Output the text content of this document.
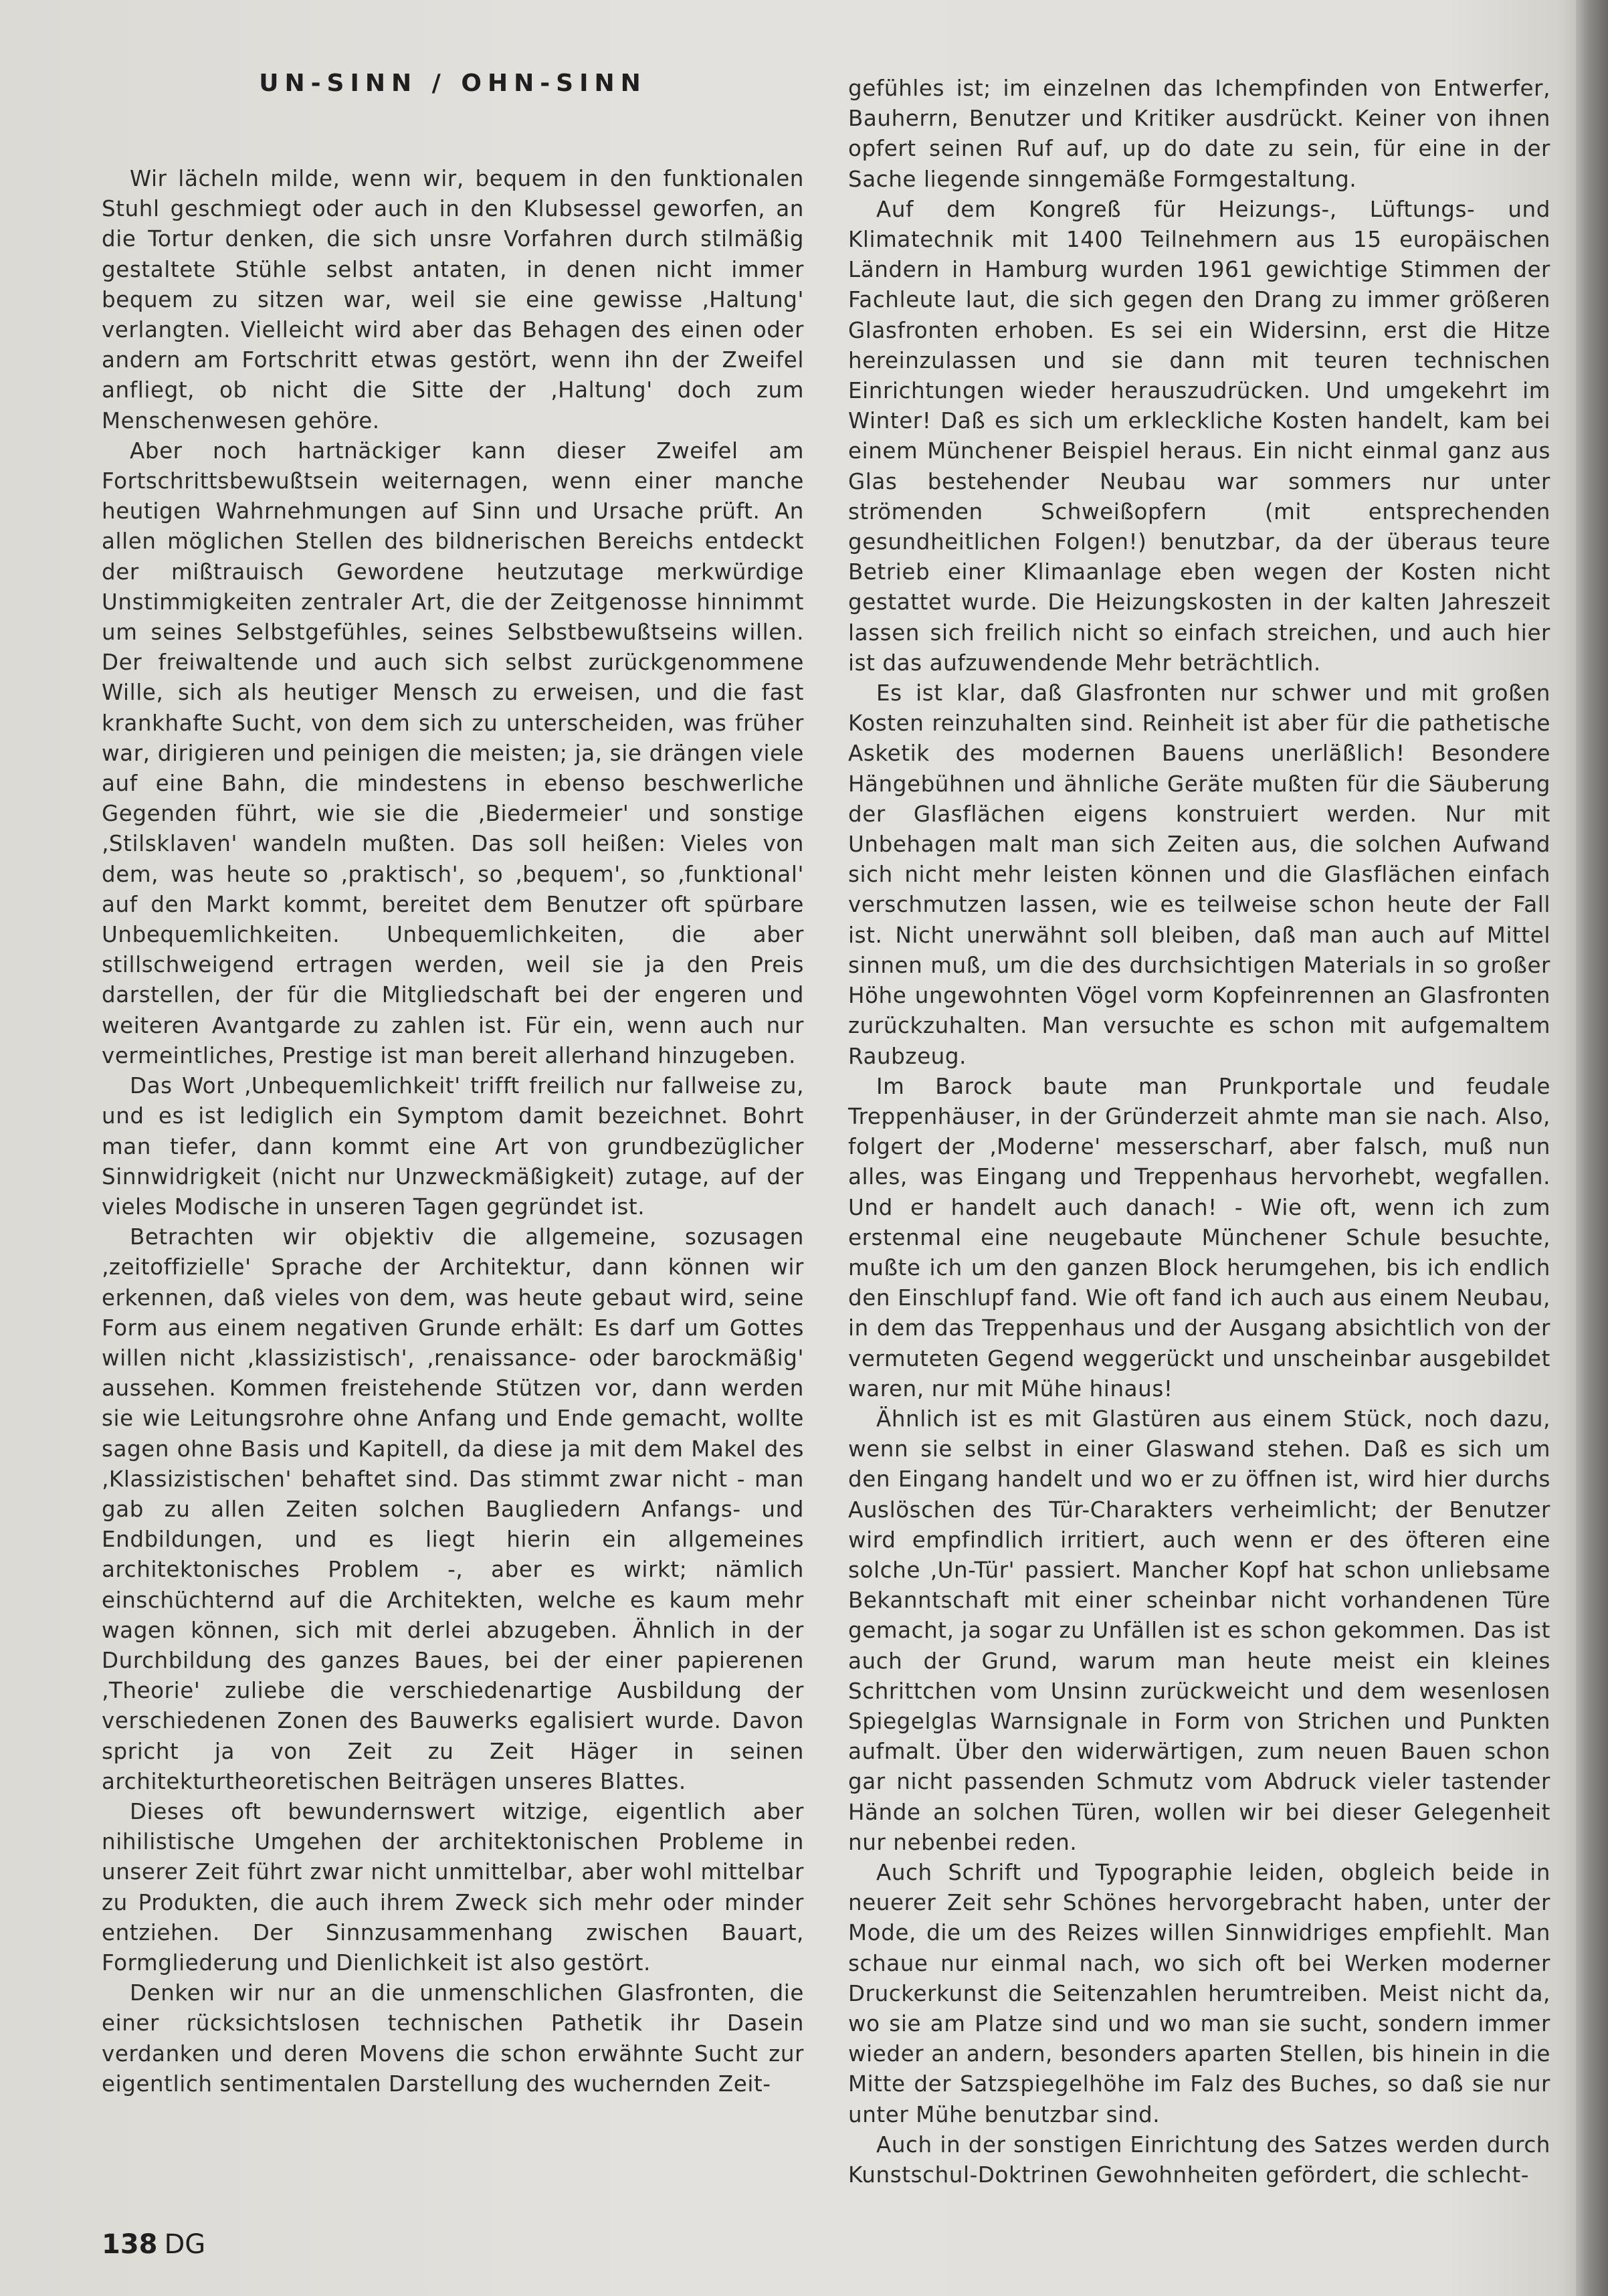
UN-SINN / OHN-SINN

Wir lächeln milde, wenn wir, bequem in den funktionalen Stuhl geschmiegt oder auch in den Klubsessel geworfen, an die Tortur denken, die sich unsre Vorfahren durch stilmäßig gestaltete Stühle selbst antaten, in denen nicht immer bequem zu sitzen war, weil sie eine gewisse ‚Haltung' verlangten. Vielleicht wird aber das Behagen des einen oder andern am Fortschritt etwas gestört, wenn ihn der Zweifel anfliegt, ob nicht die Sitte der ‚Haltung' doch zum Menschenwesen gehöre.

Aber noch hartnäckiger kann dieser Zweifel am Fortschrittsbewußtsein weiternagen, wenn einer manche heutigen Wahrnehmungen auf Sinn und Ursache prüft. An allen möglichen Stellen des bildnerischen Bereichs entdeckt der mißtrauisch Gewordene heutzutage merkwürdige Unstimmigkeiten zentraler Art, die der Zeitgenosse hinnimmt um seines Selbstgefühles, seines Selbstbewußtseins willen. Der freiwaltende und auch sich selbst zurückgenommene Wille, sich als heutiger Mensch zu erweisen, und die fast krankhafte Sucht, von dem sich zu unterscheiden, was früher war, dirigieren und peinigen die meisten; ja, sie drängen viele auf eine Bahn, die mindestens in ebenso beschwerliche Gegenden führt, wie sie die ‚Biedermeier' und sonstige ‚Stilsklaven' wandeln mußten. Das soll heißen: Vieles von dem, was heute so ‚praktisch', so ‚bequem', so ‚funktional' auf den Markt kommt, bereitet dem Benutzer oft spürbare Unbequemlichkeiten. Unbequemlichkeiten, die aber stillschweigend ertragen werden, weil sie ja den Preis darstellen, der für die Mitgliedschaft bei der engeren und weiteren Avantgarde zu zahlen ist. Für ein, wenn auch nur vermeintliches, Prestige ist man bereit allerhand hinzugeben.

Das Wort ‚Unbequemlichkeit' trifft freilich nur fallweise zu, und es ist lediglich ein Symptom damit bezeichnet. Bohrt man tiefer, dann kommt eine Art von grundbezüglicher Sinnwidrigkeit (nicht nur Unzweckmäßigkeit) zutage, auf der vieles Modische in unseren Tagen gegründet ist.

Betrachten wir objektiv die allgemeine, sozusagen ‚zeitoffizielle' Sprache der Architektur, dann können wir erkennen, daß vieles von dem, was heute gebaut wird, seine Form aus einem negativen Grunde erhält: Es darf um Gottes willen nicht ‚klassizistisch', ‚renaissance- oder barockmäßig' aussehen. Kommen freistehende Stützen vor, dann werden sie wie Leitungsrohre ohne Anfang und Ende gemacht, wollte sagen ohne Basis und Kapitell, da diese ja mit dem Makel des ‚Klassizistischen' behaftet sind. Das stimmt zwar nicht - man gab zu allen Zeiten solchen Baugliedern Anfangs- und Endbildungen, und es liegt hierin ein allgemeines architektonisches Problem -, aber es wirkt; nämlich einschüchternd auf die Architekten, welche es kaum mehr wagen können, sich mit derlei abzugeben. Ähnlich in der Durchbildung des ganzes Baues, bei der einer papierenen ‚Theorie' zuliebe die verschiedenartige Ausbildung der verschiedenen Zonen des Bauwerks egalisiert wurde. Davon spricht ja von Zeit zu Zeit Häger in seinen architekturtheoretischen Beiträgen unseres Blattes.

Dieses oft bewundernswert witzige, eigentlich aber nihilistische Umgehen der architektonischen Probleme in unserer Zeit führt zwar nicht unmittelbar, aber wohl mittelbar zu Produkten, die auch ihrem Zweck sich mehr oder minder entziehen. Der Sinnzusammenhang zwischen Bauart, Formgliederung und Dienlichkeit ist also gestört.

Denken wir nur an die unmenschlichen Glasfronten, die einer rücksichtslosen technischen Pathetik ihr Dasein verdanken und deren Movens die schon erwähnte Sucht zur eigentlich sentimentalen Darstellung des wuchernden Zeit-

gefühles ist; im einzelnen das Ichempfinden von Entwerfer, Bauherrn, Benutzer und Kritiker ausdrückt. Keiner von ihnen opfert seinen Ruf auf, up do date zu sein, für eine in der Sache liegende sinngemäße Formgestaltung.

Auf dem Kongreß für Heizungs-, Lüftungs- und Klimatechnik mit 1400 Teilnehmern aus 15 europäischen Ländern in Hamburg wurden 1961 gewichtige Stimmen der Fachleute laut, die sich gegen den Drang zu immer größeren Glasfronten erhoben. Es sei ein Widersinn, erst die Hitze hereinzulassen und sie dann mit teuren technischen Einrichtungen wieder herauszudrücken. Und umgekehrt im Winter! Daß es sich um erkleckliche Kosten handelt, kam bei einem Münchener Beispiel heraus. Ein nicht einmal ganz aus Glas bestehender Neubau war sommers nur unter strömenden Schweißopfern (mit entsprechenden gesundheitlichen Folgen!) benutzbar, da der überaus teure Betrieb einer Klimaanlage eben wegen der Kosten nicht gestattet wurde. Die Heizungskosten in der kalten Jahreszeit lassen sich freilich nicht so einfach streichen, und auch hier ist das aufzuwendende Mehr beträchtlich.

Es ist klar, daß Glasfronten nur schwer und mit großen Kosten reinzuhalten sind. Reinheit ist aber für die pathetische Asketik des modernen Bauens unerläßlich! Besondere Hängebühnen und ähnliche Geräte mußten für die Säuberung der Glasflächen eigens konstruiert werden. Nur mit Unbehagen malt man sich Zeiten aus, die solchen Aufwand sich nicht mehr leisten können und die Glasflächen einfach verschmutzen lassen, wie es teilweise schon heute der Fall ist. Nicht unerwähnt soll bleiben, daß man auch auf Mittel sinnen muß, um die des durchsichtigen Materials in so großer Höhe ungewohnten Vögel vorm Kopfeinrennen an Glasfronten zurückzuhalten. Man versuchte es schon mit aufgemaltem Raubzeug.

Im Barock baute man Prunkportale und feudale Treppenhäuser, in der Gründerzeit ahmte man sie nach. Also, folgert der ‚Moderne' messerscharf, aber falsch, muß nun alles, was Eingang und Treppenhaus hervorhebt, wegfallen. Und er handelt auch danach! - Wie oft, wenn ich zum erstenmal eine neugebaute Münchener Schule besuchte, mußte ich um den ganzen Block herumgehen, bis ich endlich den Einschlupf fand. Wie oft fand ich auch aus einem Neubau, in dem das Treppenhaus und der Ausgang absichtlich von der vermuteten Gegend weggerückt und unscheinbar ausgebildet waren, nur mit Mühe hinaus!

Ähnlich ist es mit Glastüren aus einem Stück, noch dazu, wenn sie selbst in einer Glaswand stehen. Daß es sich um den Eingang handelt und wo er zu öffnen ist, wird hier durchs Auslöschen des Tür-Charakters verheimlicht; der Benutzer wird empfindlich irritiert, auch wenn er des öfteren eine solche ‚Un-Tür' passiert. Mancher Kopf hat schon unliebsame Bekanntschaft mit einer scheinbar nicht vorhandenen Türe gemacht, ja sogar zu Unfällen ist es schon gekommen. Das ist auch der Grund, warum man heute meist ein kleines Schrittchen vom Unsinn zurückweicht und dem wesenlosen Spiegelglas Warnsignale in Form von Strichen und Punkten aufmalt. Über den widerwärtigen, zum neuen Bauen schon gar nicht passenden Schmutz vom Abdruck vieler tastender Hände an solchen Türen, wollen wir bei dieser Gelegenheit nur nebenbei reden.

Auch Schrift und Typographie leiden, obgleich beide in neuerer Zeit sehr Schönes hervorgebracht haben, unter der Mode, die um des Reizes willen Sinnwidriges empfiehlt. Man schaue nur einmal nach, wo sich oft bei Werken moderner Druckerkunst die Seitenzahlen herumtreiben. Meist nicht da, wo sie am Platze sind und wo man sie sucht, sondern immer wieder an andern, besonders aparten Stellen, bis hinein in die Mitte der Satzspiegelhöhe im Falz des Buches, so daß sie nur unter Mühe benutzbar sind.

Auch in der sonstigen Einrichtung des Satzes werden durch Kunstschul-Doktrinen Gewohnheiten gefördert, die schlecht-

138 DG
